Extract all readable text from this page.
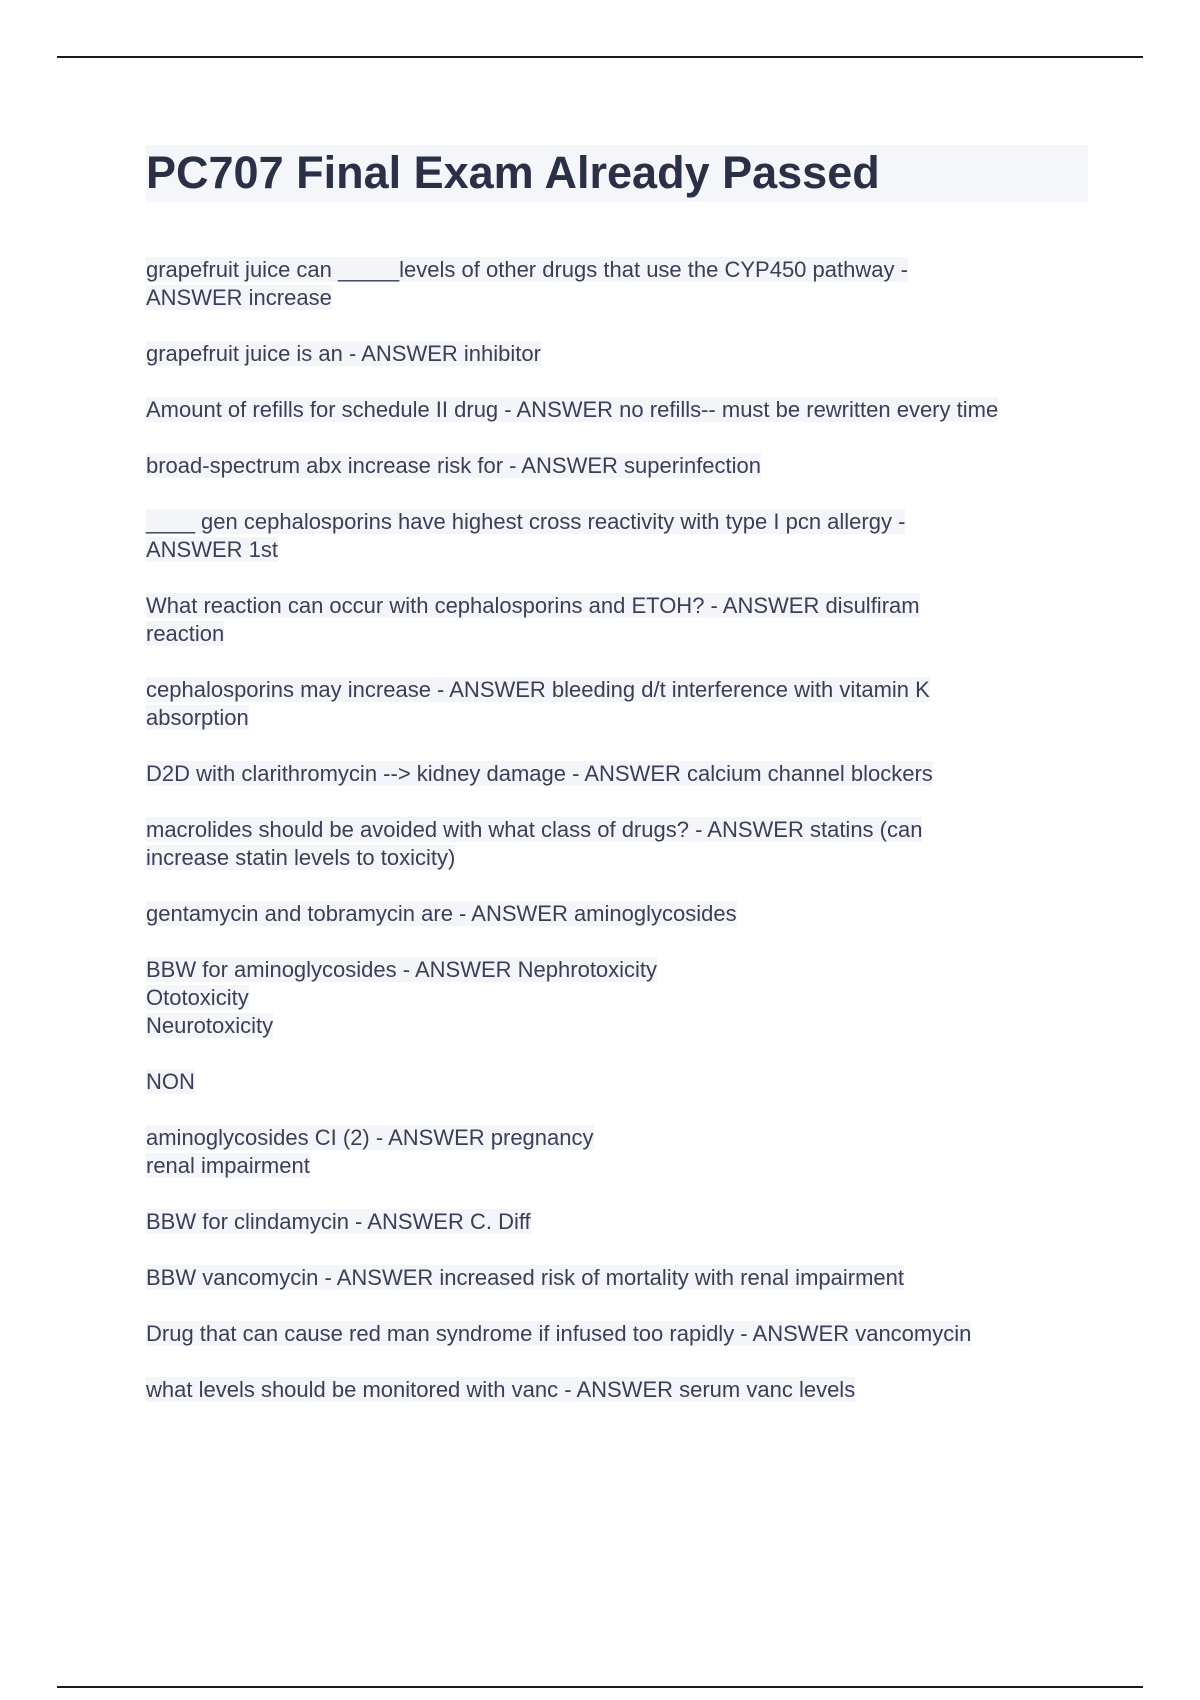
PC707 Final Exam Already Passed
grapefruit juice can _____levels of other drugs that use the CYP450 pathway -
ANSWER increase
grapefruit juice is an - ANSWER inhibitor
Amount of refills for schedule II drug - ANSWER no refills-- must be rewritten every time
broad-spectrum abx increase risk for - ANSWER superinfection
____ gen cephalosporins have highest cross reactivity with type I pcn allergy -
ANSWER 1st
What reaction can occur with cephalosporins and ETOH? - ANSWER disulfiram
reaction
cephalosporins may increase - ANSWER bleeding d/t interference with vitamin K
absorption
D2D with clarithromycin --> kidney damage - ANSWER calcium channel blockers
macrolides should be avoided with what class of drugs? - ANSWER statins (can
increase statin levels to toxicity)
gentamycin and tobramycin are - ANSWER aminoglycosides
BBW for aminoglycosides - ANSWER Nephrotoxicity
Ototoxicity
Neurotoxicity
NON
aminoglycosides CI (2) - ANSWER pregnancy
renal impairment
BBW for clindamycin - ANSWER C. Diff
BBW vancomycin - ANSWER increased risk of mortality with renal impairment
Drug that can cause red man syndrome if infused too rapidly - ANSWER vancomycin
what levels should be monitored with vanc - ANSWER serum vanc levels
